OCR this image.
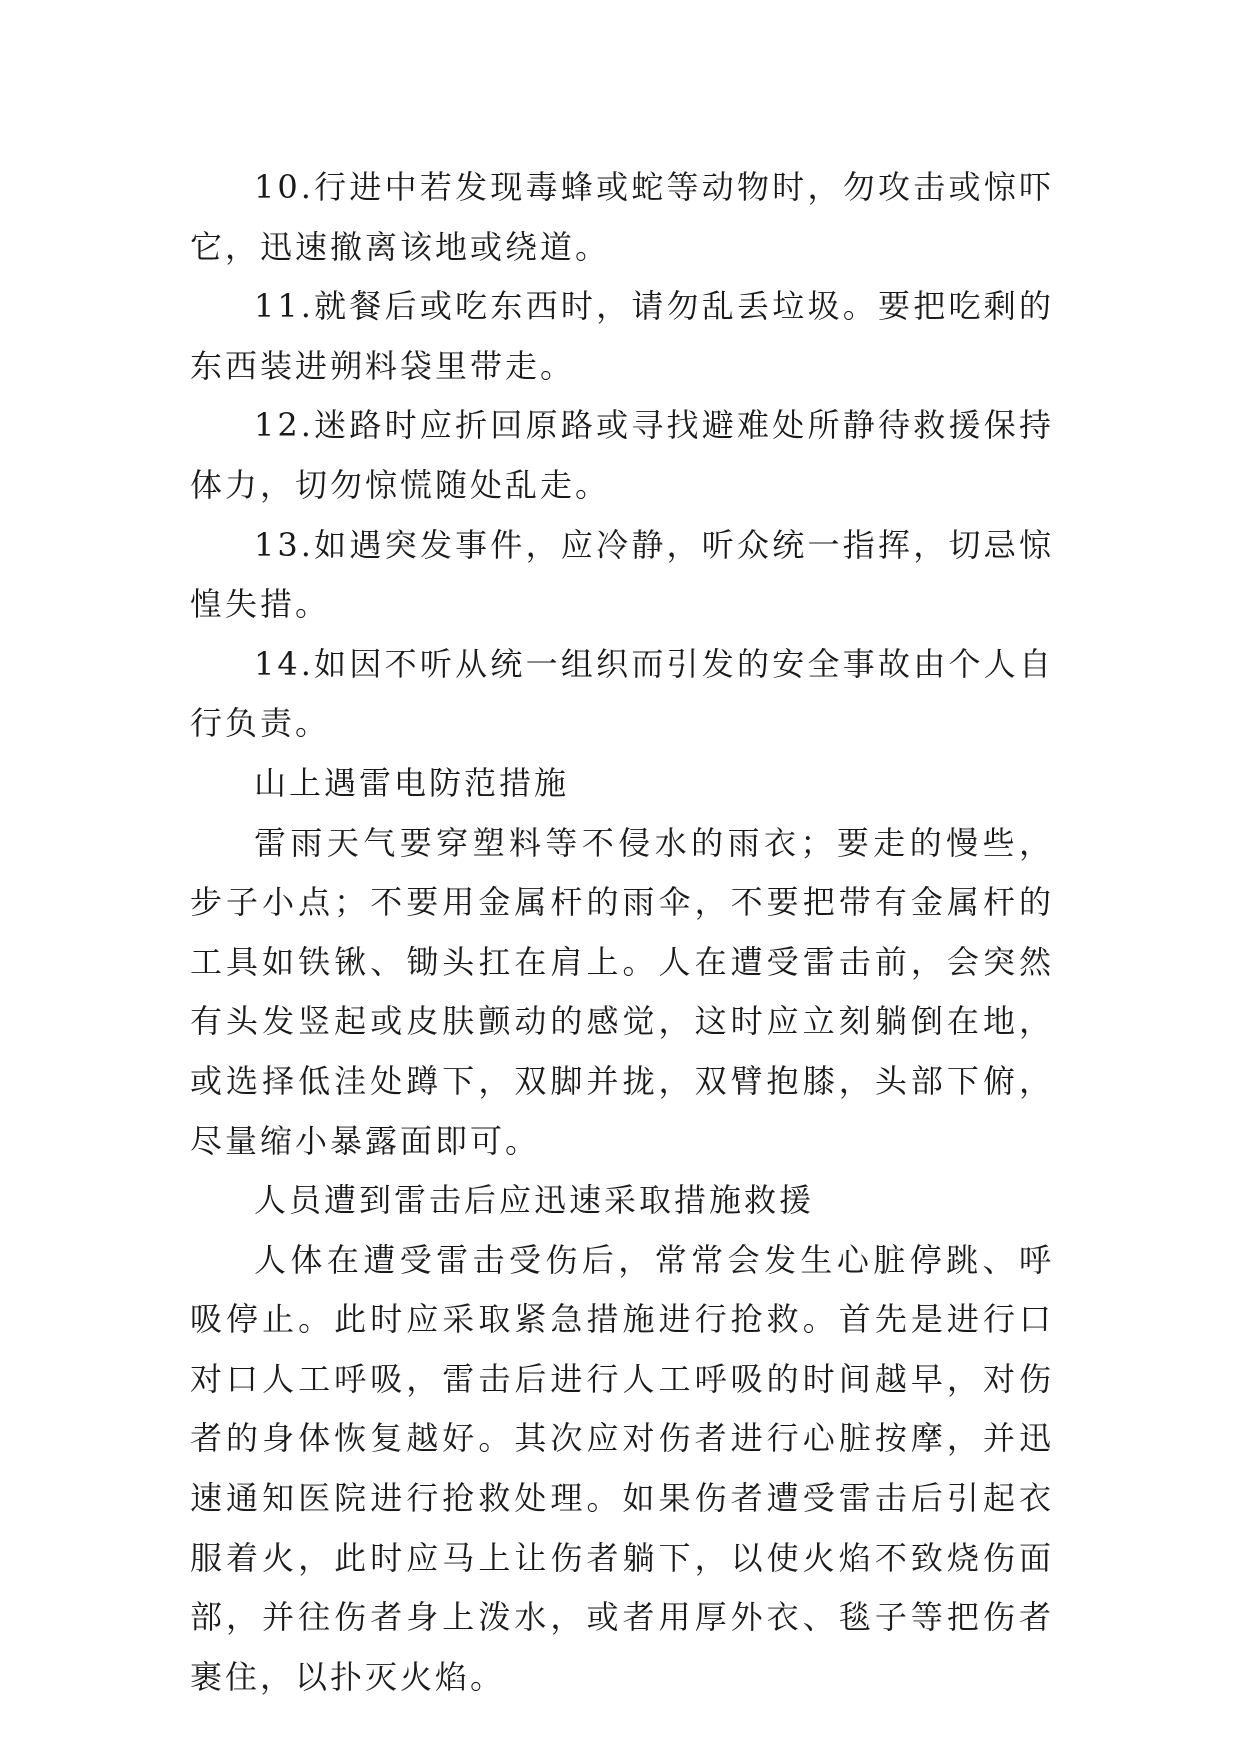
10.行进中若发现毒蜂或蛇等动物时，勿攻击或惊吓它，迅速撤离该地或绕道。

11.就餐后或吃东西时，请勿乱丢垃圾。要把吃剩的东西装进朔料袋里带走。

12.迷路时应折回原路或寻找避难处所静待救援保持体力，切勿惊慌随处乱走。

13.如遇突发事件，应冷静，听众统一指挥，切忌惊惶失措。

14.如因不听从统一组织而引发的安全事故由个人自行负责。

山上遇雷电防范措施

雷雨天气要穿塑料等不侵水的雨衣；要走的慢些，步子小点；不要用金属杆的雨伞，不要把带有金属杆的工具如铁锹、锄头扛在肩上。人在遭受雷击前，会突然有头发竖起或皮肤颤动的感觉，这时应立刻躺倒在地，或选择低洼处蹲下，双脚并拢，双臂抱膝，头部下俯，尽量缩小暴露面即可。

人员遭到雷击后应迅速采取措施救援

人体在遭受雷击受伤后，常常会发生心脏停跳、呼吸停止。此时应采取紧急措施进行抢救。首先是进行口对口人工呼吸，雷击后进行人工呼吸的时间越早，对伤者的身体恢复越好。其次应对伤者进行心脏按摩，并迅速通知医院进行抢救处理。如果伤者遭受雷击后引起衣服着火，此时应马上让伤者躺下，以使火焰不致烧伤面部，并往伤者身上泼水，或者用厚外衣、毯子等把伤者裹住，以扑灭火焰。
